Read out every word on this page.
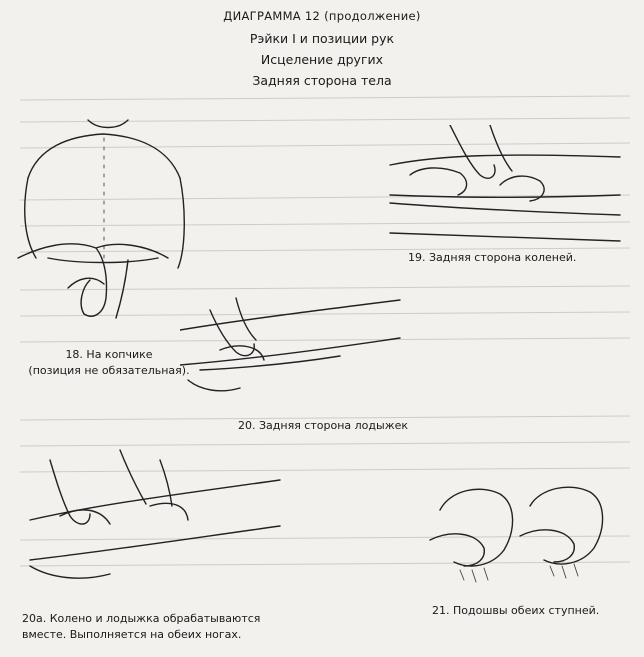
ДИАГРАММА 12 (продолжение)
Рэйки I и позиции рук
Исцеление других
Задняя сторона тела
18. На копчике
(позиция не обязательная).
19. Задняя сторона коленей.
20. Задняя сторона лодыжек
20а. Колено и лодыжка обрабатываются
вместе. Выполняется на обеих ногах.
21. Подошвы обеих ступней.
